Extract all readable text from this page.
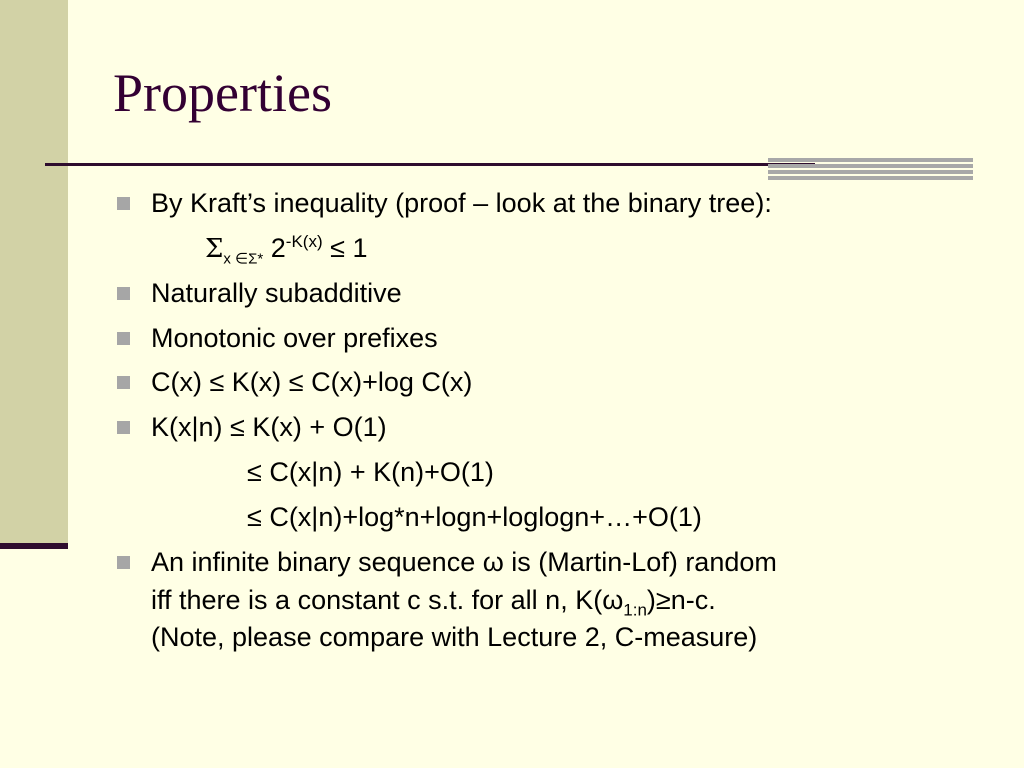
Properties
By Kraft’s inequality (proof – look at the binary tree):
$\Sigma_{x \in\Sigma*}$ $2^{-K(x)} \le 1$
Naturally subadditive
Monotonic over prefixes
C(x) ≤ K(x) ≤ C(x)+log C(x)
K(x|n) ≤ K(x) + O(1)
≤ C(x|n) + K(n)+O(1)
≤ C(x|n)+log*n+logn+loglogn+…+O(1)
An infinite binary sequence ω is (Martin-Lof) random
iff there is a constant c s.t. for all n, $K(\omega_{1:n})\ge n-c$.
(Note, please compare with Lecture 2, C-measure)
